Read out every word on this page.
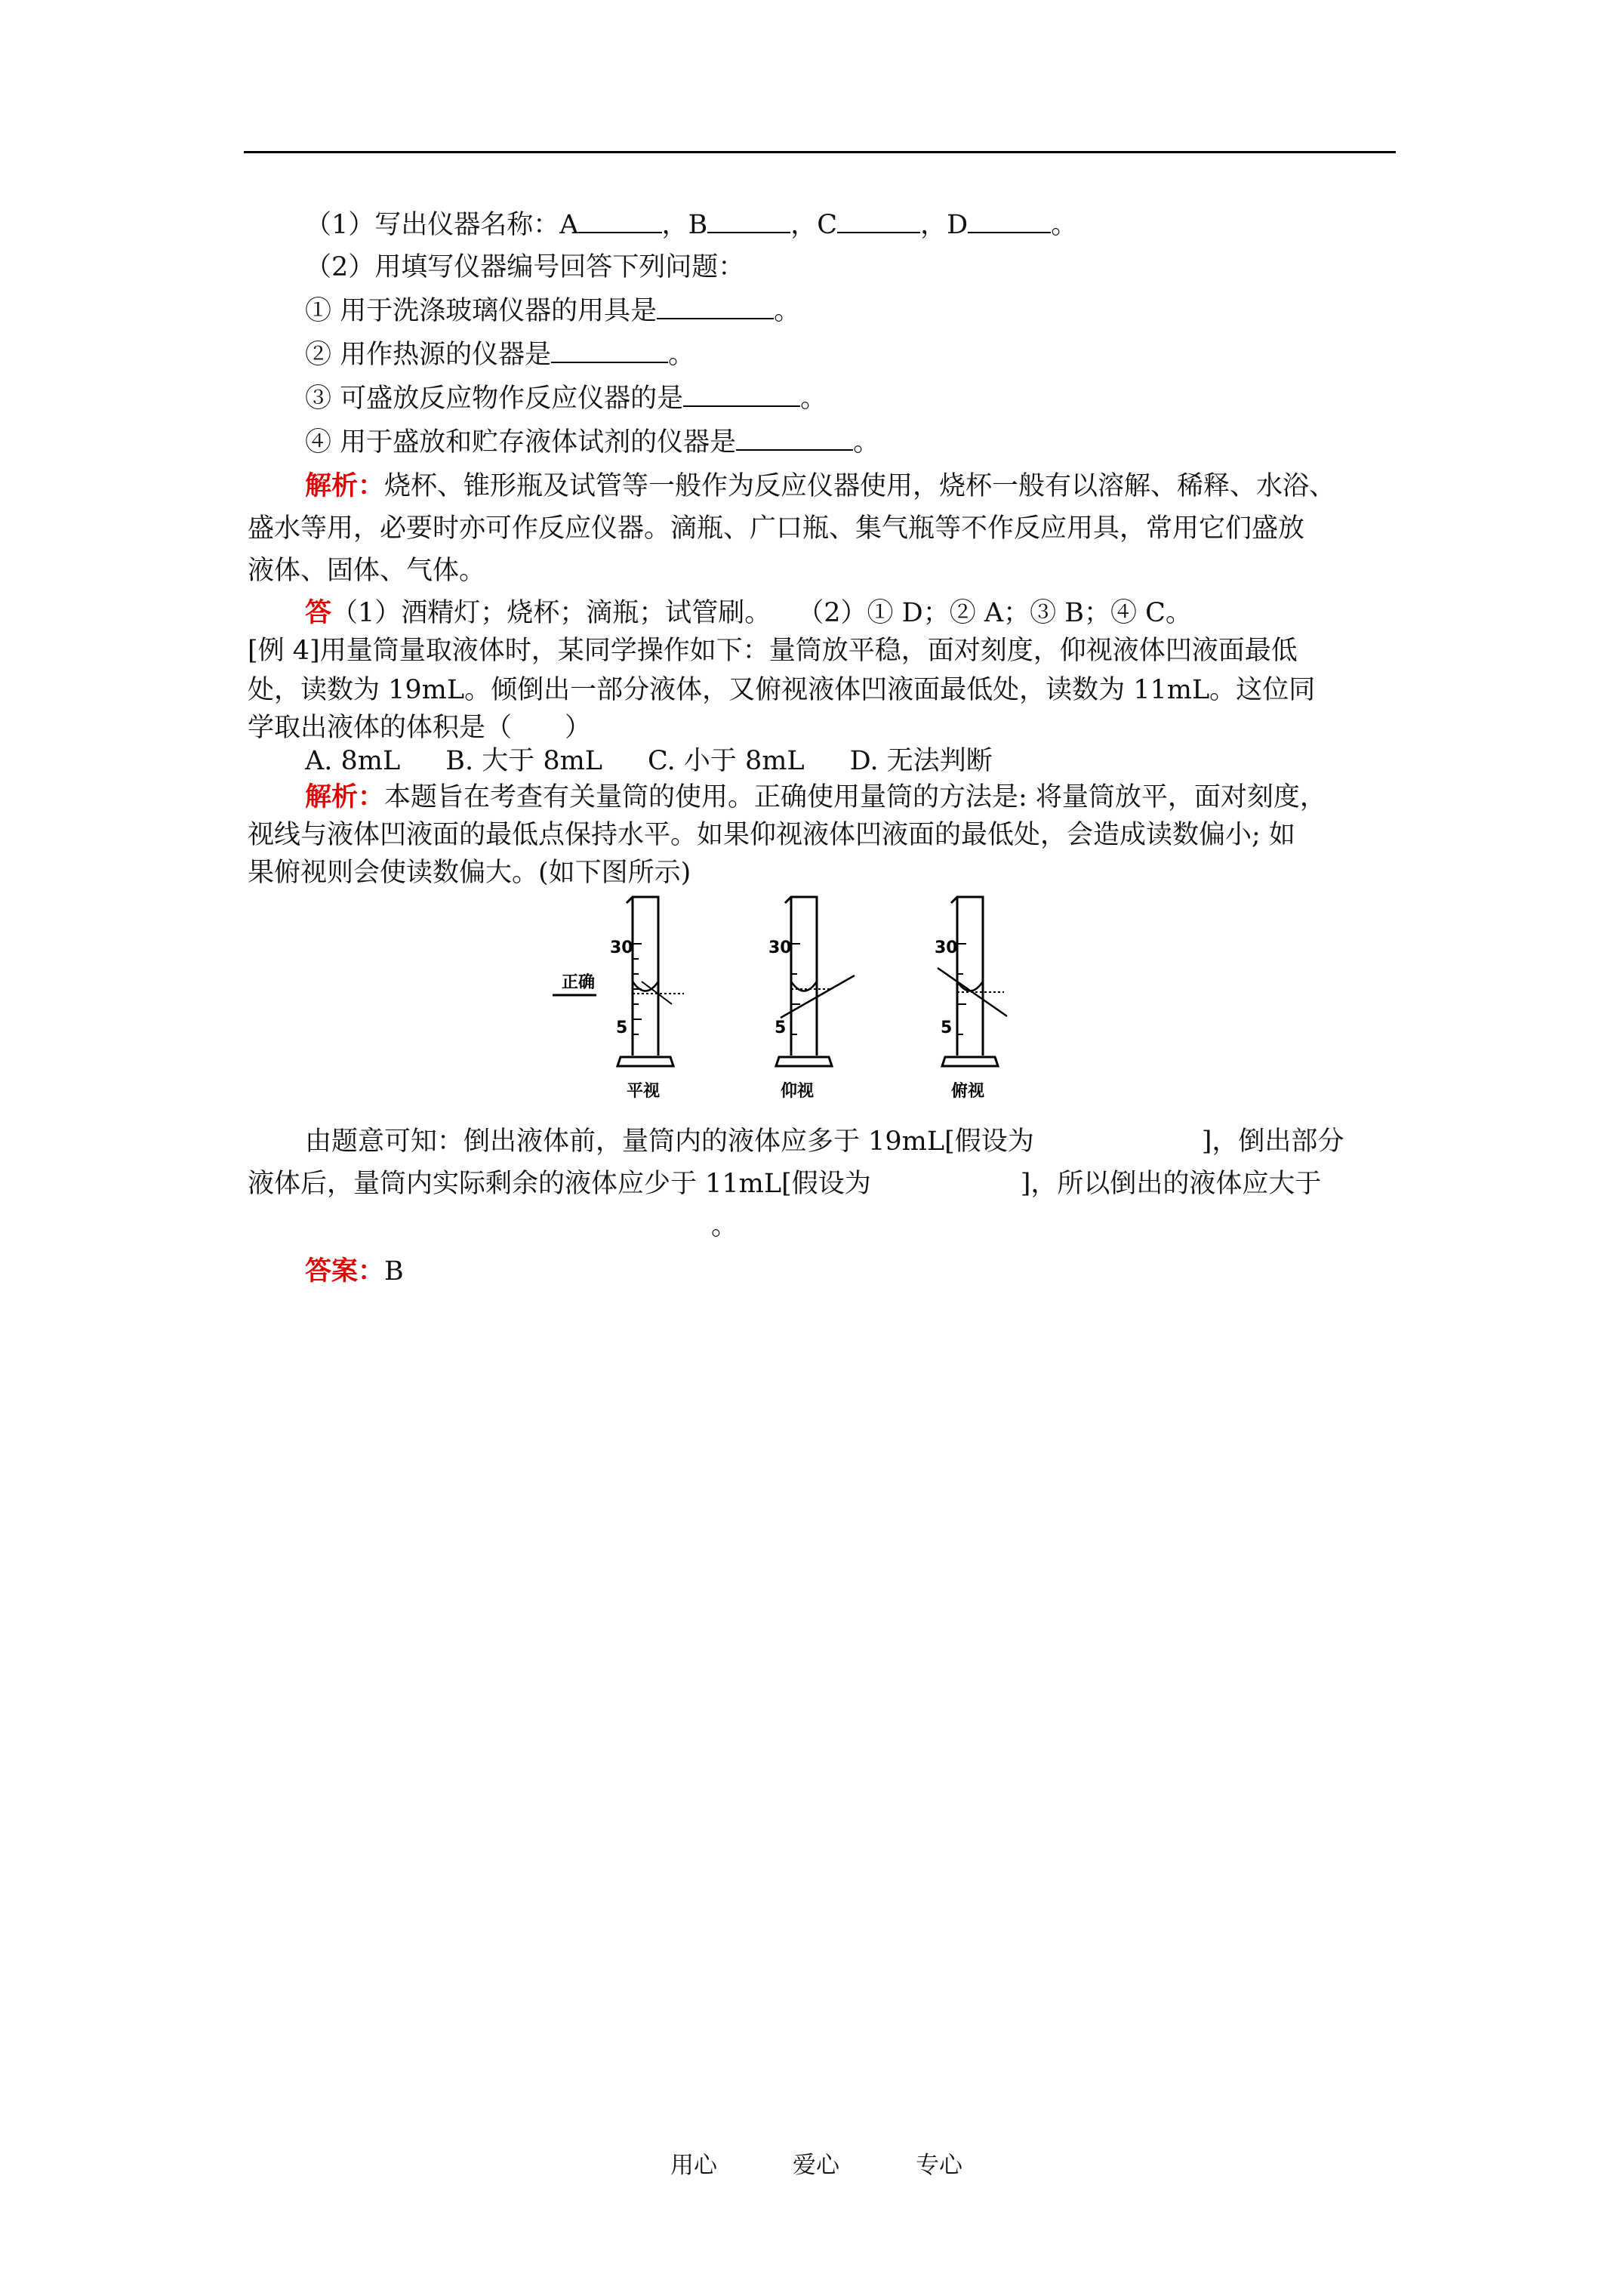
（1）写出仪器名称：A	，B	，C	，D	。
（2）用填写仪器编号回答下列问题：
① 用于洗涤玻璃仪器的用具是	。
② 用作热源的仪器是	。
③ 可盛放反应物作反应仪器的是	。
④ 用于盛放和贮存液体试剂的仪器是	。
解析：烧杯、锥形瓶及试管等一般作为反应仪器使用，烧杯一般有以溶解、稀释、水浴、
盛水等用，必要时亦可作反应仪器。滴瓶、广口瓶、集气瓶等不作反应用具，常用它们盛放
液体、固体、气体。
答（1）酒精灯；烧杯；滴瓶；试管刷。　　（2）① D；② A；③ B；④ C。
[例 4]用量筒量取液体时，某同学操作如下：量筒放平稳，面对刻度，仰视液体凹液面最低
处，读数为 19mL。倾倒出一部分液体，又俯视液体凹液面最低处，读数为 11mL。这位同
学取出液体的体积是（　　）
A. 8mL B. 大于 8mL C. 小于 8mL D. 无法判断
解析：本题旨在考查有关量筒的使用。正确使用量筒的方法是: 将量筒放平，面对刻度，
视线与液体凹液面的最低点保持水平。如果仰视液体凹液面的最低处，会造成读数偏小; 如
果俯视则会使读数偏大。(如下图所示)
30
5
正确
平视
30
5
仰视
30
5
俯视
由题意可知：倒出液体前，量筒内的液体应多于 19mL[假设为	]，倒出部分
液体后，量筒内实际剩余的液体应少于 11mL[假设为	]，所以倒出的液体应大于
。
答案：B
用心	爱心	专心
